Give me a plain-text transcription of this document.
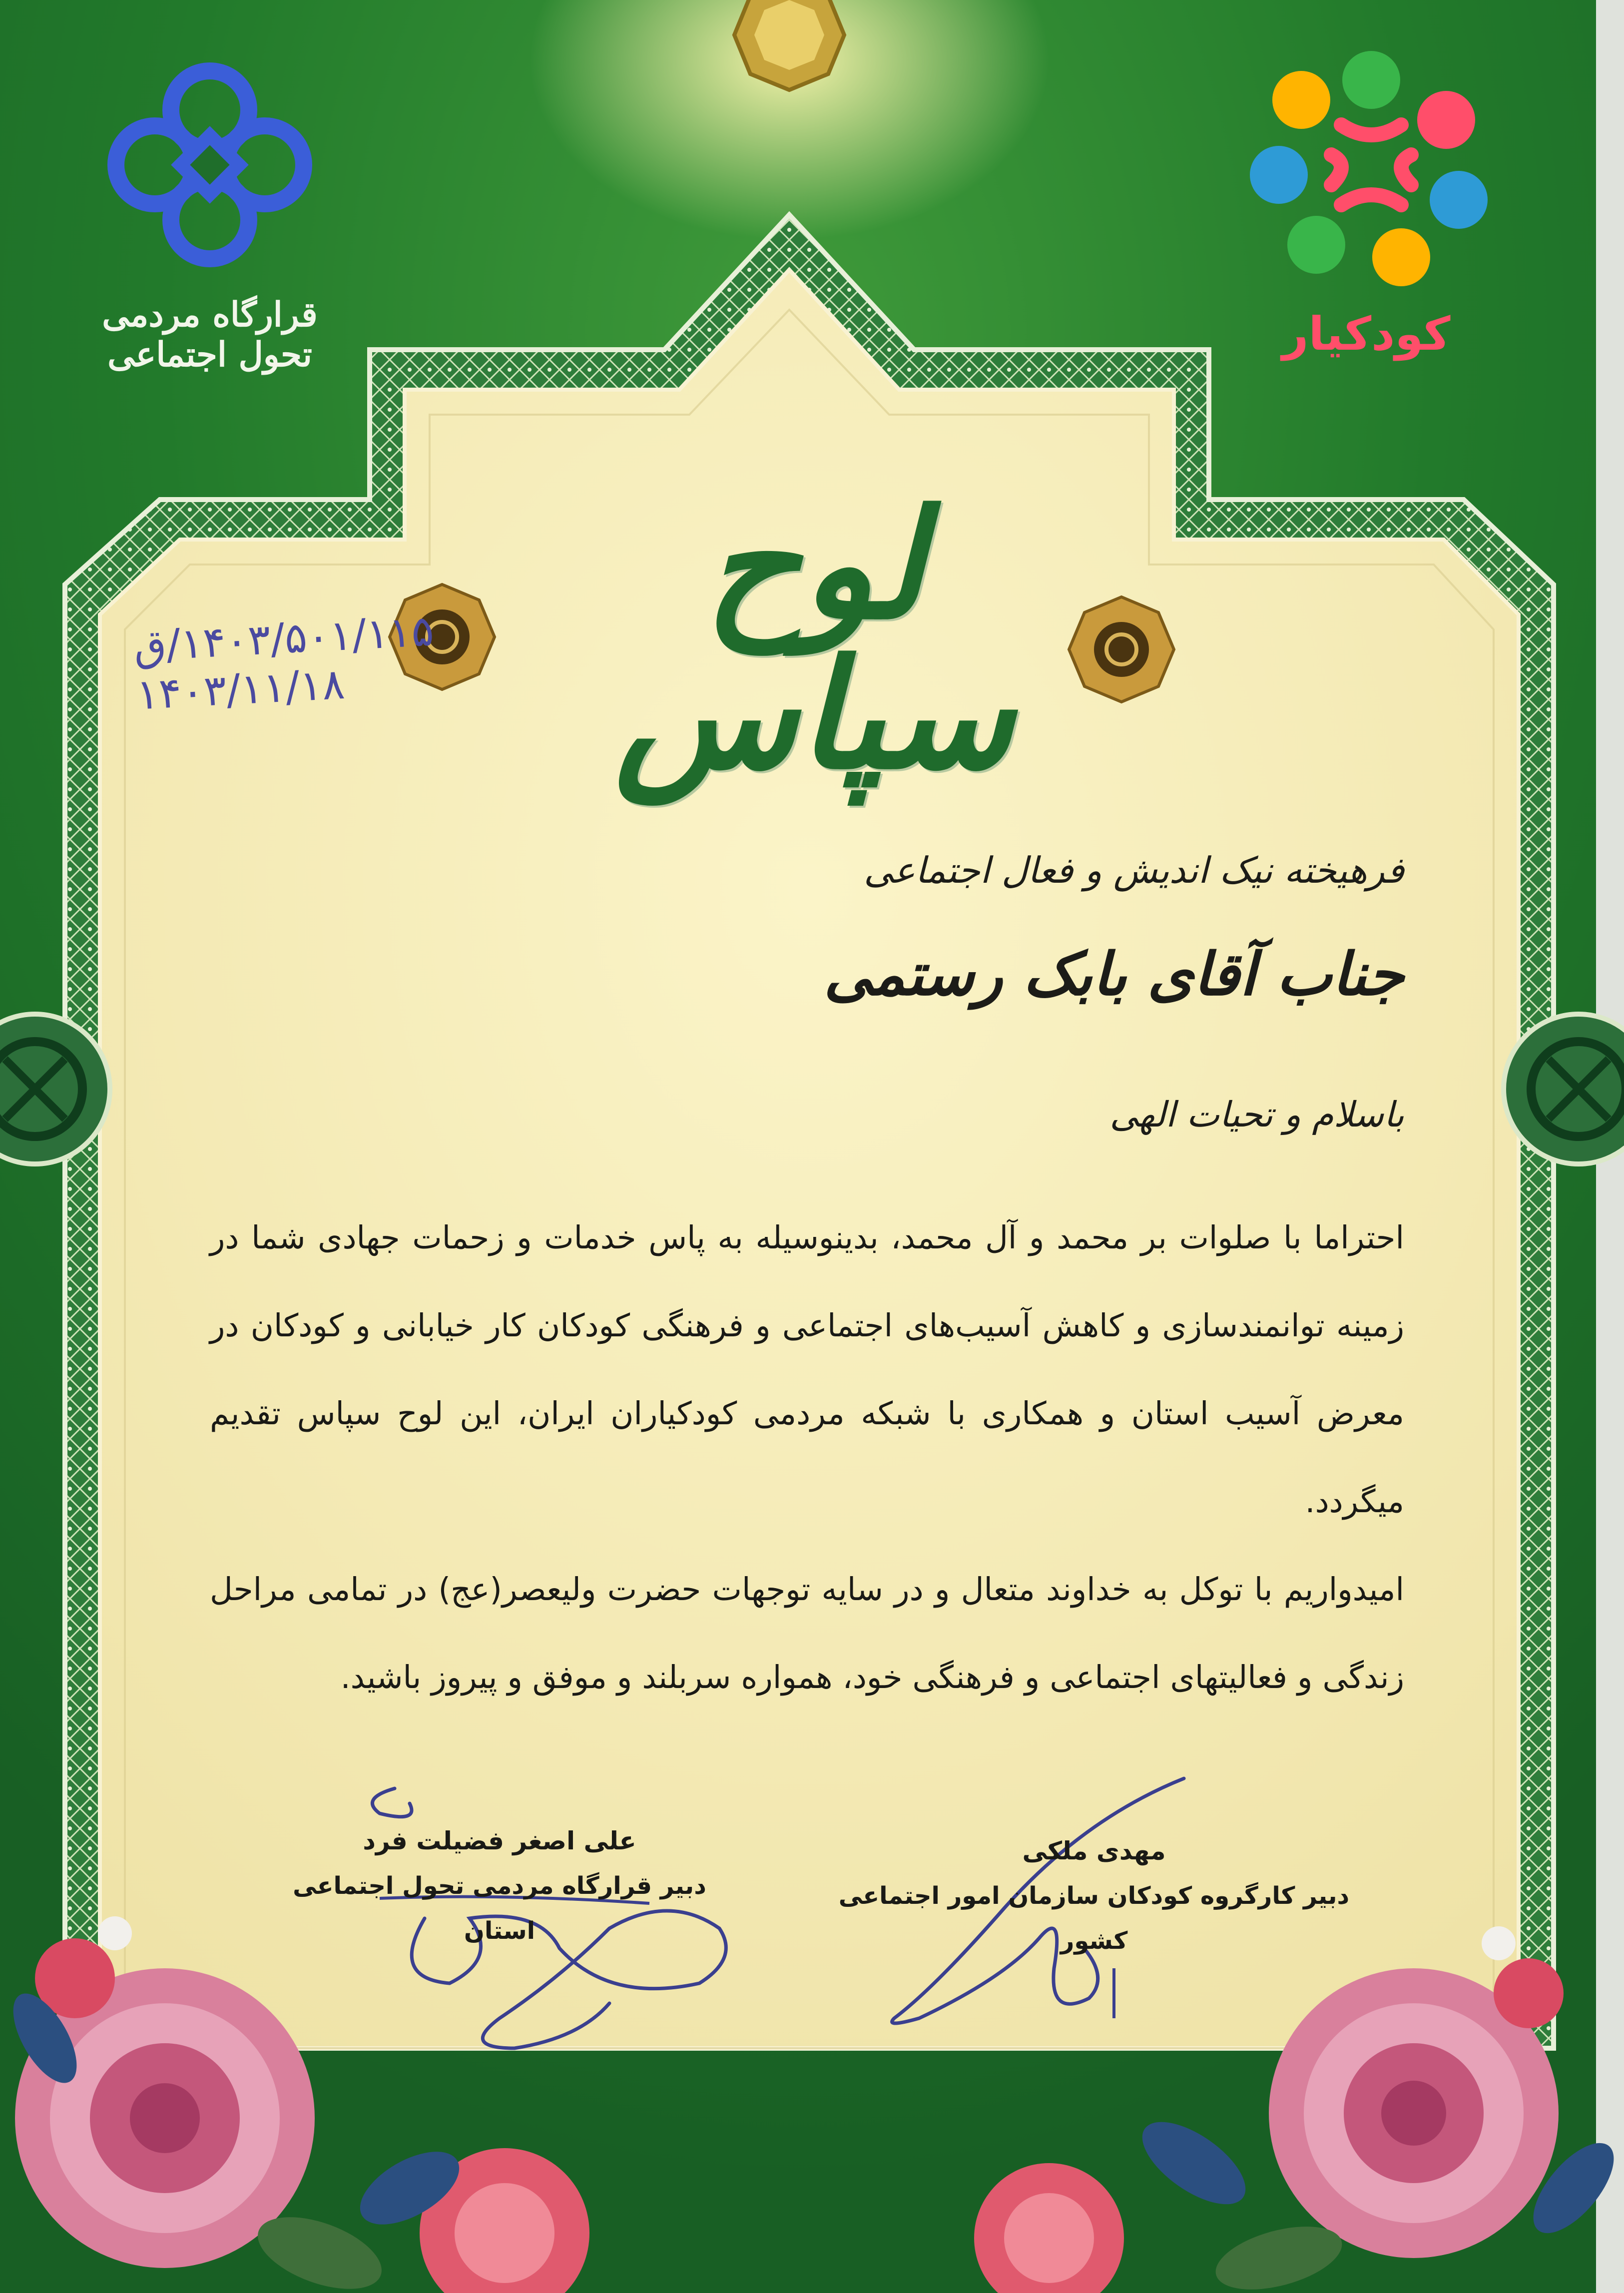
قرارگاه مردمی تحول اجتماعی	کودکیار
لوح سپاس
۱۴۰۳/۵۰۱/۱۱۵/ق
۱۴۰۳/۱۱/۱۸
فرهیخته نیک اندیش و فعال اجتماعی
جناب آقای بابک رستمی
باسلام و تحیات الهی

احتراما با صلوات بر محمد و آل محمد، بدینوسیله به پاس خدمات و زحمات جهادی شما در زمینه توانمندسازی و کاهش آسیب‌های اجتماعی و فرهنگی کودکان کار خیابانی و کودکان در معرض آسیب استان و همکاری با شبکه مردمی کودکیاران ایران، این لوح سپاس تقدیم میگردد.

امیدواریم با توکل به خداوند متعال و در سایه توجهات حضرت ولیعصر(عج) در تمامی مراحل زندگی و فعالیتهای اجتماعی و فرهنگی خود، همواره سربلند و موفق و پیروز باشید.

علی اصغر فضیلت فرد
دبیر قرارگاه مردمی تحول اجتماعی استان
مهدی ملکی
دبیر کارگروه کودکان سازمان امور اجتماعی کشور
